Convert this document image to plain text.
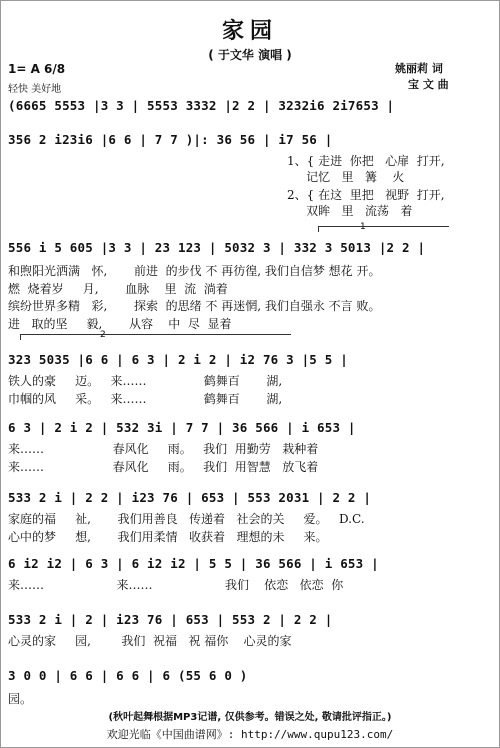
家园
( 于文华 演唱 )
姚丽莉 词
宝 文 曲
1= A 6/8
轻快 美好地
(6665 5553 |3 3 | 5553 3332 |2 2 | 3232i6 2i7653 |
356 2 i23i6 |6 6 | 7 7 )|: 36 56 | i7 56 |
1、{ 走进  你把   心扉  打开,
记忆   里   篝    火
2、{ 在这  里把   视野  打开,
双眸   里   流荡   着
1
556 i 5 605 |3 3 | 23 123 | 5032 3 | 332 3 5013 |2 2 |
和煦阳光洒满   怀,       前进  的步伐 不 再彷徨, 我们自信梦 想花 开。
燃  烧着岁     月,       血脉    里  流  淌着
缤纷世界多精   彩,       探索  的思绪 不 再迷惘, 我们自强永 不言 败。
进   取的坚     毅,       从容    中  尽  显着
2
323 5035 |6 6 | 6 3 | 2 i 2 | i2 76 3 |5 5 |
铁人的豪     迈。   来……               鹤舞百       湖,
巾帼的风     采。   来……               鹤舞百       湖,
6 3 | 2 i 2 | 532 3i | 7 7 | 36 566 | i 653 |
来……                  春风化     雨。   我们  用勤劳   栽种着
来……                  春风化     雨。   我们  用智慧   放飞着
533 2 i | 2 2 | i23 76 | 653 | 553 2031 | 2 2 |
家庭的福     祉,       我们用善良   传递着   社会的关     爱。   D.C.
心中的梦     想,       我们用柔情   收获着   理想的未     来。
6 i2 i2 | 6 3 | 6 i2 i2 | 5 5 | 36 566 | i 653 |
来……                   来……                   我们    依恋   依恋  你
533 2 i | 2 | i23 76 | 653 | 553 2 | 2 2 |
心灵的家     园,        我们  祝福   祝 福你    心灵的家
3 0 0 | 6 6 | 6 6 | 6 (55 6 0 )
园。
(秋叶起舞根据MP3记谱, 仅供参考。错误之处, 敬请批评指正。)
欢迎光临《中国曲谱网》: http://www.qupu123.com/
